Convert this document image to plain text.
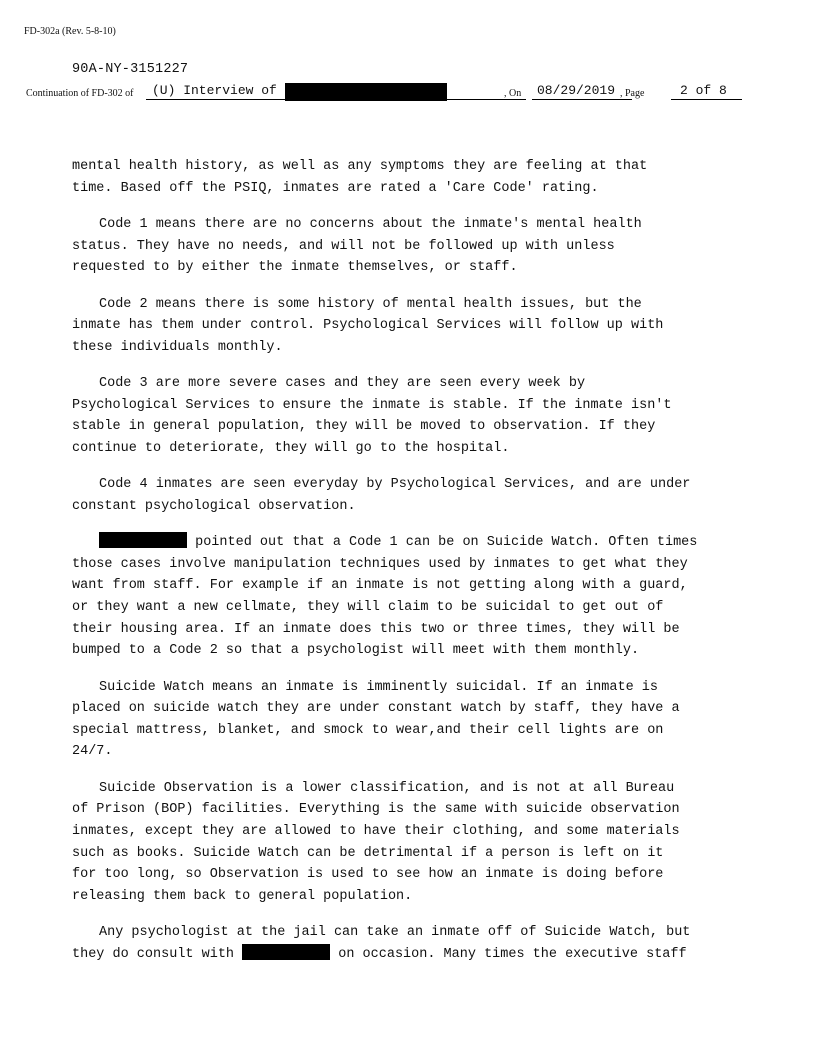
FD-302a (Rev. 5-8-10)
90A-NY-3151227
Continuation of FD-302 of (U) Interview of	, On 08/29/2019 , Page	2 of 8

mental health history, as well as any symptoms they are feeling at that
time. Based off the PSIQ, inmates are rated a 'Care Code' rating.

Code 1 means there are no concerns about the inmate's mental health
status. They have no needs, and will not be followed up with unless
requested to by either the inmate themselves, or staff.

Code 2 means there is some history of mental health issues, but the
inmate has them under control. Psychological Services will follow up with
these individuals monthly.

Code 3 are more severe cases and they are seen every week by
Psychological Services to ensure the inmate is stable. If the inmate isn't
stable in general population, they will be moved to observation. If they
continue to deteriorate, they will go to the hospital.

Code 4 inmates are seen everyday by Psychological Services, and are under
constant psychological observation.

pointed out that a Code 1 can be on Suicide Watch. Often times
those cases involve manipulation techniques used by inmates to get what they
want from staff. For example if an inmate is not getting along with a guard,
or they want a new cellmate, they will claim to be suicidal to get out of
their housing area. If an inmate does this two or three times, they will be
bumped to a Code 2 so that a psychologist will meet with them monthly.

Suicide Watch means an inmate is imminently suicidal. If an inmate is
placed on suicide watch they are under constant watch by staff, they have a
special mattress, blanket, and smock to wear,and their cell lights are on
24/7.

Suicide Observation is a lower classification, and is not at all Bureau
of Prison (BOP) facilities. Everything is the same with suicide observation
inmates, except they are allowed to have their clothing, and some materials
such as books. Suicide Watch can be detrimental if a person is left on it
for too long, so Observation is used to see how an inmate is doing before
releasing them back to general population.

Any psychologist at the jail can take an inmate off of Suicide Watch, but
they do consult with	on occasion. Many times the executive staff
